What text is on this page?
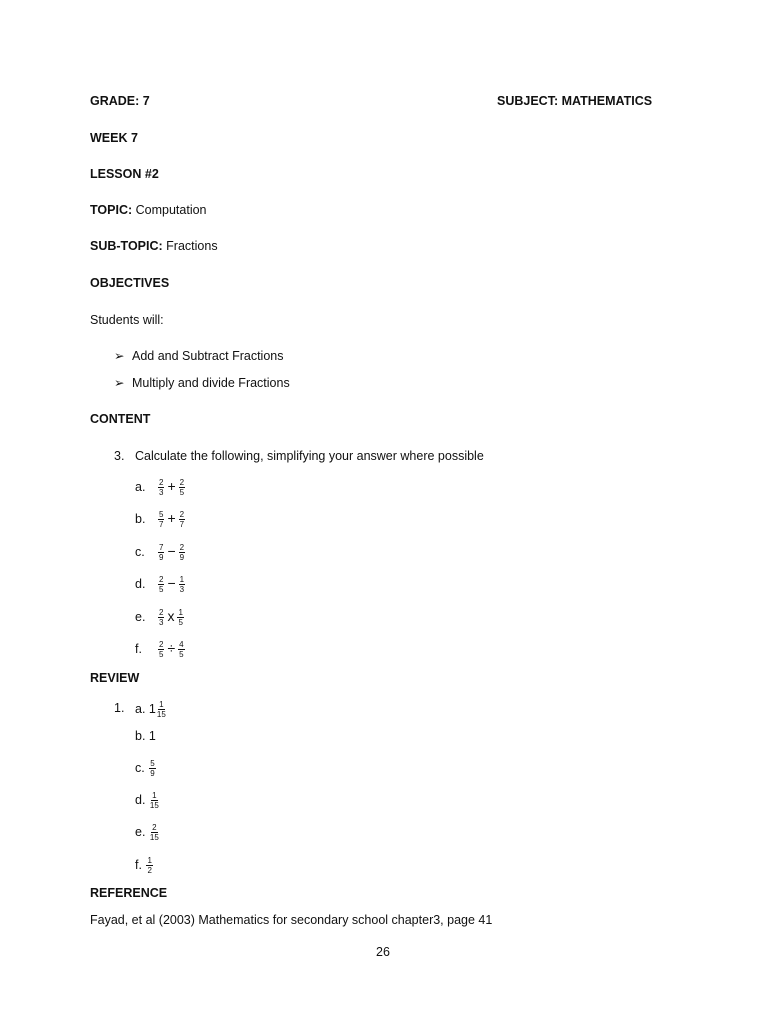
GRADE: 7	SUBJECT: MATHEMATICS
WEEK 7
LESSON #2
TOPIC: Computation
SUB-TOPIC: Fractions
OBJECTIVES
Students will:
➢ Add and Subtract Fractions
➢ Multiply and divide Fractions
CONTENT
3. Calculate the following, simplifying your answer where possible
a. $\frac{2}{3} + \frac{2}{5}$
b. $\frac{5}{7} + \frac{2}{7}$
c. $\frac{7}{9} - \frac{2}{9}$
d. $\frac{2}{5} - \frac{1}{3}$
e. $\frac{2}{3}$ x $\frac{1}{5}$
f. $\frac{2}{5} \div \frac{4}{5}$
REVIEW
1. a. $1 \frac{1}{15}$
b. 1
c. $\frac{5}{9}$
d. $\frac{1}{15}$
e. $\frac{2}{15}$
f. $\frac{1}{2}$
REFERENCE
Fayad, et al (2003) Mathematics for secondary school chapter3, page 41
26
